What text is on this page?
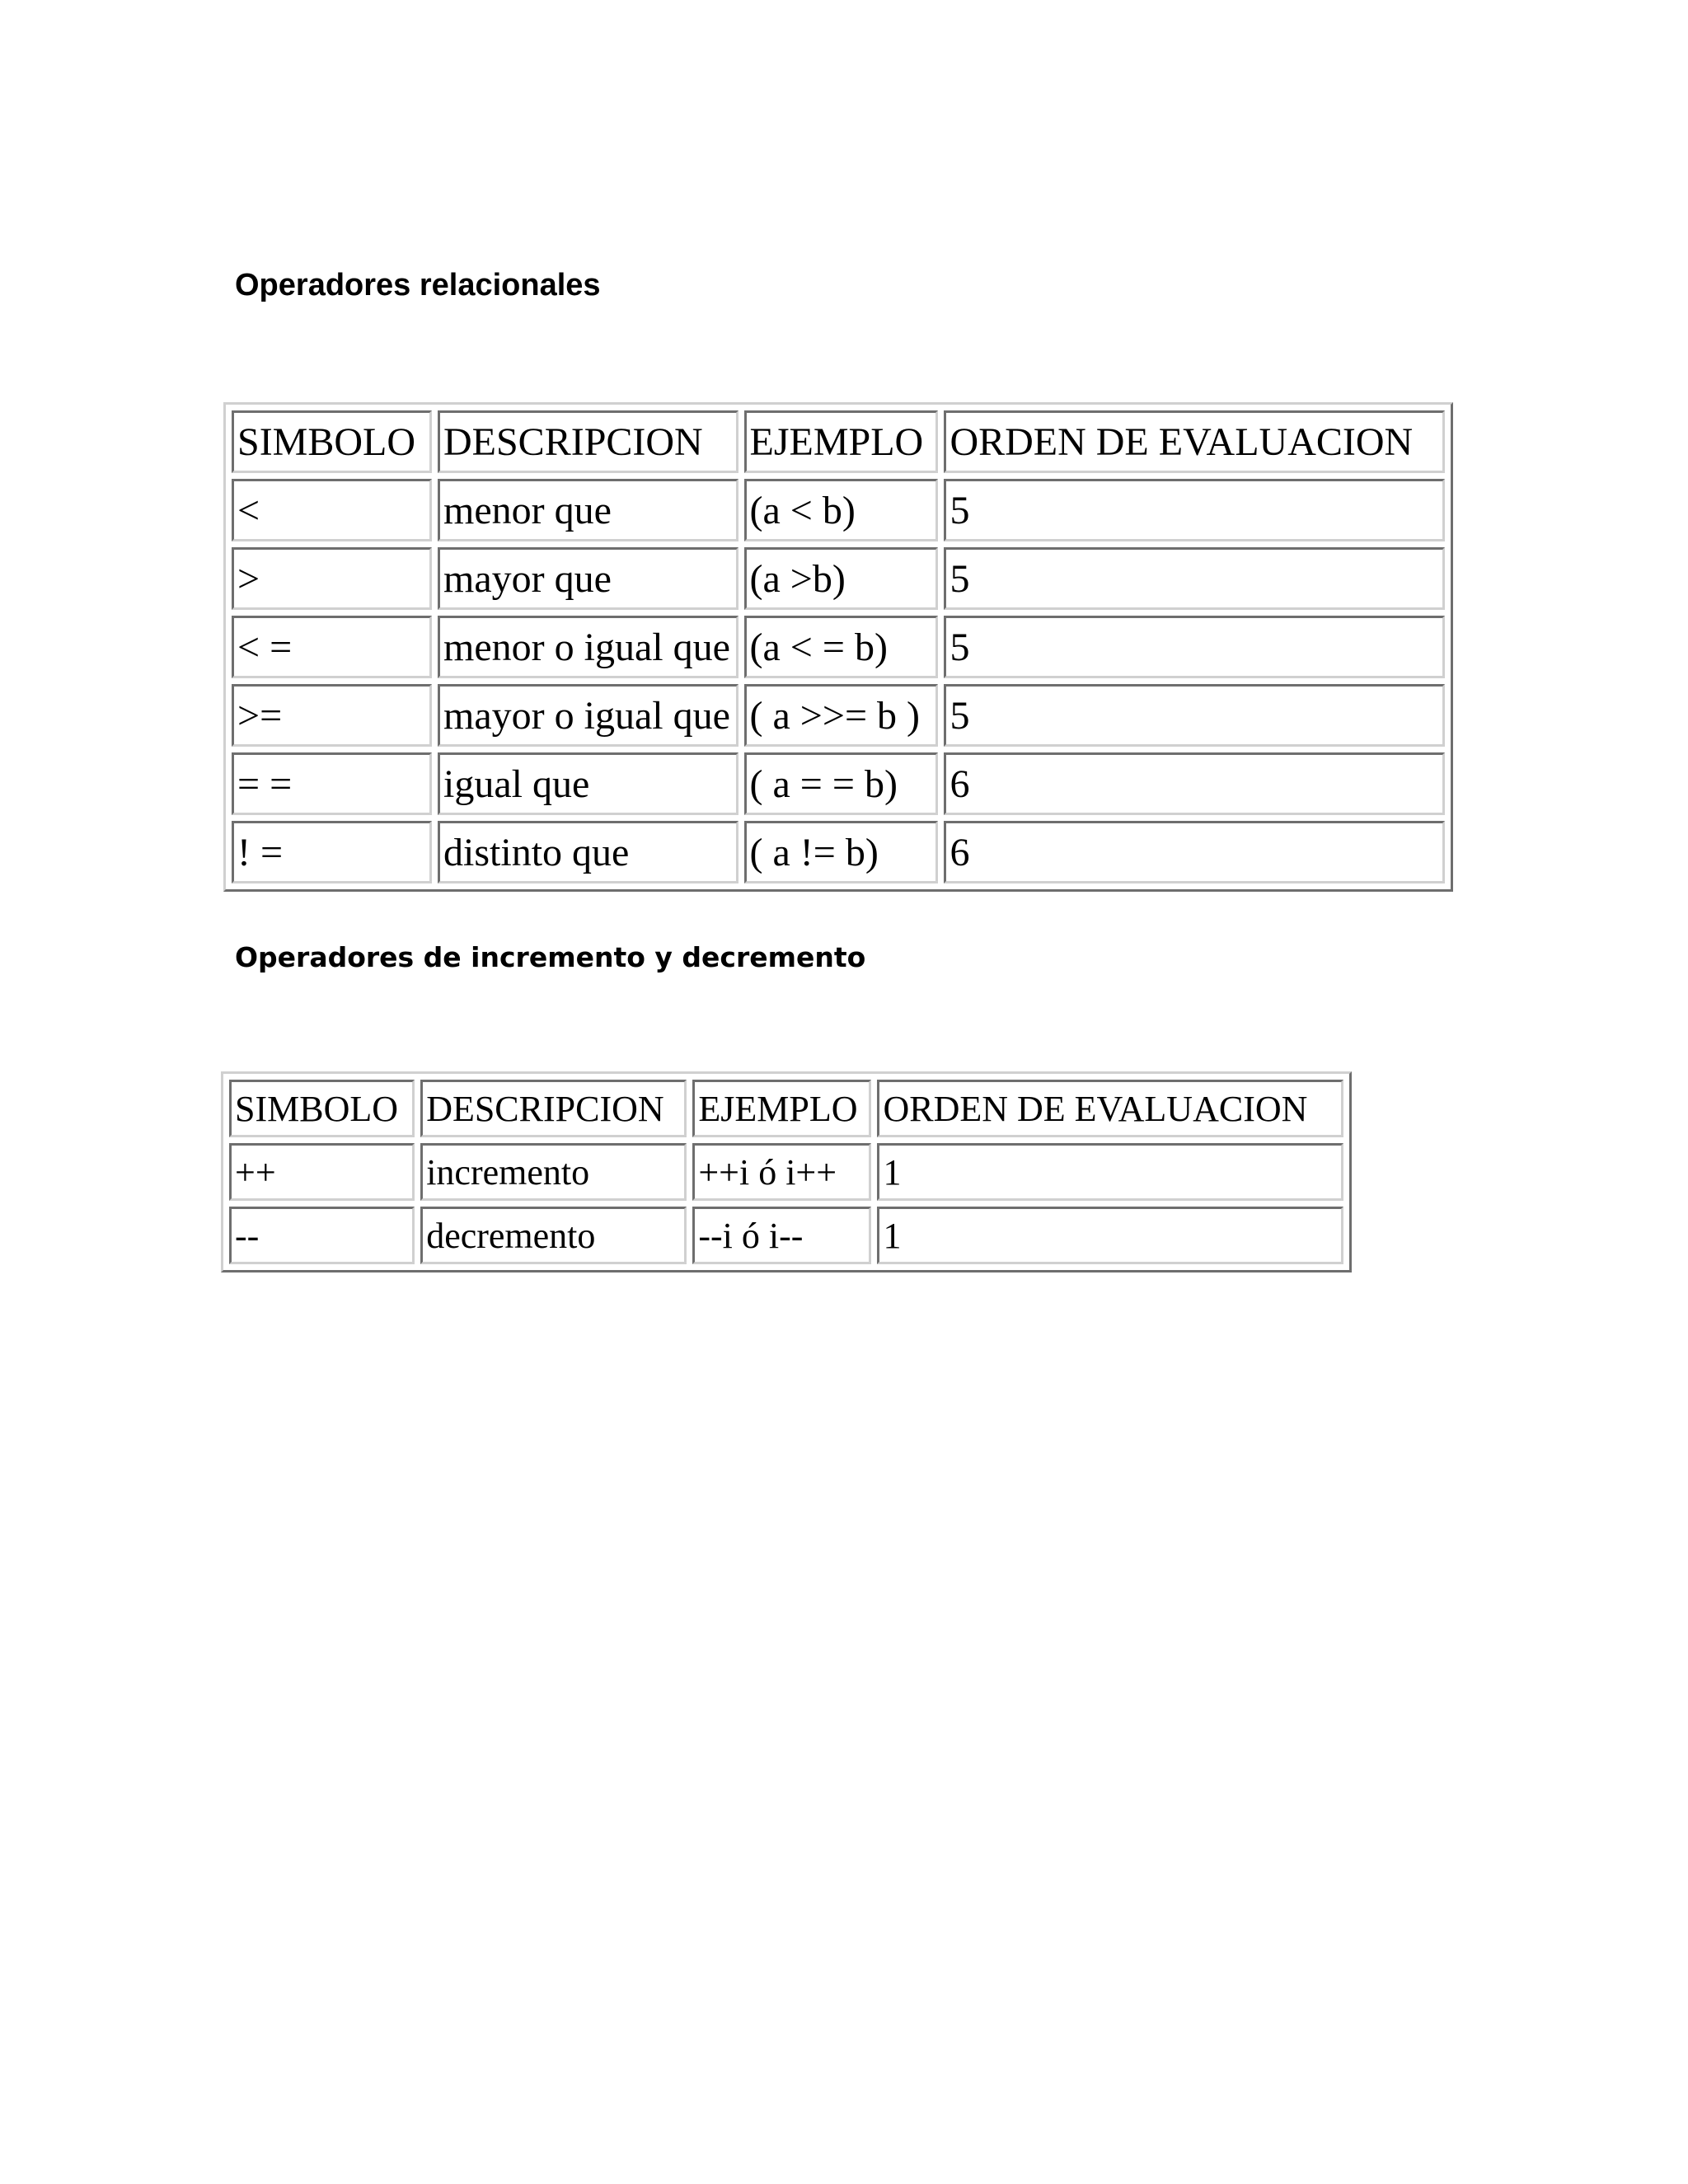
Operadores relacionales
SIMBOLO	DESCRIPCION	EJEMPLO	ORDEN DE EVALUACION
<	menor que	(a < b)	5
>	mayor que	(a >b)	5
< =	menor o igual que	(a < = b)	5
>=	mayor o igual que	( a >>= b )	5
= =	igual que	( a = = b)	6
! =	distinto que	( a != b)	6
Operadores de incremento y decremento
SIMBOLO	DESCRIPCION	EJEMPLO	ORDEN DE EVALUACION
++	incremento	++i ó i++	1
--	decremento	--i ó i--	1
